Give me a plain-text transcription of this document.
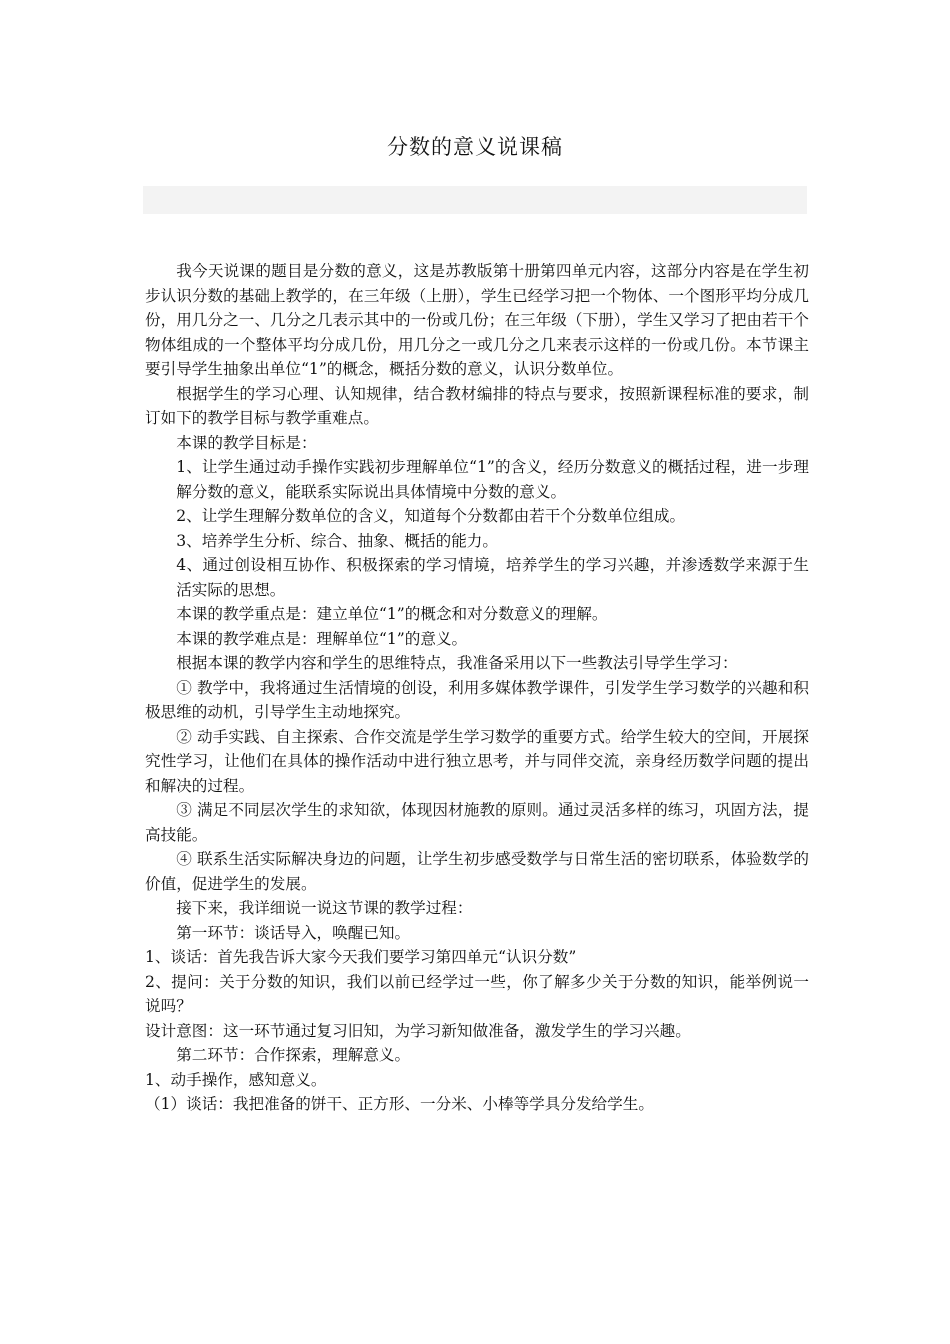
分数的意义说课稿

我今天说课的题目是分数的意义，这是苏教版第十册第四单元内容，这部分内容是在学生初步认识分数的基础上教学的，在三年级（上册），学生已经学习把一个物体、一个图形平均分成几份，用几分之一、几分之几表示其中的一份或几份；在三年级（下册），学生又学习了把由若干个物体组成的一个整体平均分成几份，用几分之一或几分之几来表示这样的一份或几份。本节课主要引导学生抽象出单位“1”的概念，概括分数的意义，认识分数单位。

根据学生的学习心理、认知规律，结合教材编排的特点与要求，按照新课程标准的要求，制订如下的教学目标与教学重难点。

本课的教学目标是：

1、让学生通过动手操作实践初步理解单位“1”的含义，经历分数意义的概括过程，进一步理解分数的意义，能联系实际说出具体情境中分数的意义。

2、让学生理解分数单位的含义，知道每个分数都由若干个分数单位组成。

3、培养学生分析、综合、抽象、概括的能力。

4、通过创设相互协作、积极探索的学习情境，培养学生的学习兴趣，并渗透数学来源于生活实际的思想。

本课的教学重点是：建立单位“1”的概念和对分数意义的理解。

本课的教学难点是：理解单位“1”的意义。

根据本课的教学内容和学生的思维特点，我准备采用以下一些教法引导学生学习：

① 教学中，我将通过生活情境的创设，利用多媒体教学课件，引发学生学习数学的兴趣和积极思维的动机，引导学生主动地探究。

② 动手实践、自主探索、合作交流是学生学习数学的重要方式。给学生较大的空间，开展探究性学习，让他们在具体的操作活动中进行独立思考，并与同伴交流，亲身经历数学问题的提出和解决的过程。

③ 满足不同层次学生的求知欲，体现因材施教的原则。通过灵活多样的练习，巩固方法，提高技能。

④ 联系生活实际解决身边的问题，让学生初步感受数学与日常生活的密切联系，体验数学的价值，促进学生的发展。

接下来，我详细说一说这节课的教学过程：

第一环节：谈话导入，唤醒已知。

1、谈话：首先我告诉大家今天我们要学习第四单元“认识分数”

2、提问：关于分数的知识，我们以前已经学过一些，你了解多少关于分数的知识，能举例说一说吗？

设计意图：这一环节通过复习旧知，为学习新知做准备，激发学生的学习兴趣。

第二环节：合作探索，理解意义。

1、动手操作，感知意义。

（1）谈话：我把准备的饼干、正方形、一分米、小棒等学具分发给学生。
